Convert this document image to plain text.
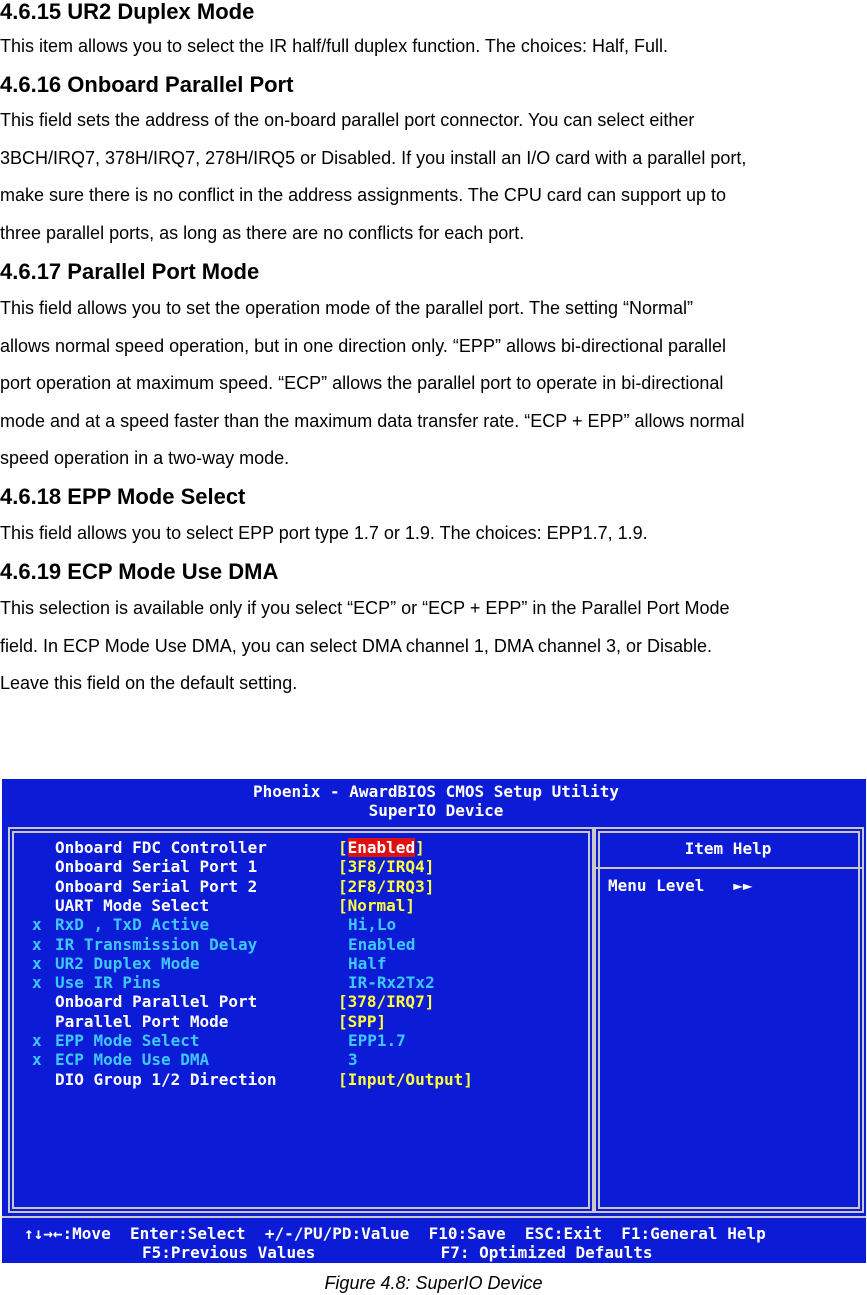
4.6.15 UR2 Duplex Mode
This item allows you to select the IR half/full duplex function. The choices: Half, Full.
4.6.16 Onboard Parallel Port
This field sets the address of the on-board parallel port connector. You can select either
3BCH/IRQ7, 378H/IRQ7, 278H/IRQ5 or Disabled. If you install an I/O card with a parallel port,
make sure there is no conflict in the address assignments. The CPU card can support up to
three parallel ports, as long as there are no conflicts for each port.
4.6.17 Parallel Port Mode
This field allows you to set the operation mode of the parallel port. The setting “Normal”
allows normal speed operation, but in one direction only. “EPP” allows bi-directional parallel
port operation at maximum speed. “ECP” allows the parallel port to operate in bi-directional
mode and at a speed faster than the maximum data transfer rate. “ECP + EPP” allows normal
speed operation in a two-way mode.
4.6.18 EPP Mode Select
This field allows you to select EPP port type 1.7 or 1.9. The choices: EPP1.7, 1.9.
4.6.19 ECP Mode Use DMA
This selection is available only if you select “ECP” or “ECP + EPP” in the Parallel Port Mode
field. In ECP Mode Use DMA, you can select DMA channel 1, DMA channel 3, or Disable.
Leave this field on the default setting.
Phoenix - AwardBIOS CMOS Setup Utility
SuperIO Device
Item Help
Menu Level   ►►
Onboard FDC Controller	[Enabled]
Onboard Serial Port 1	[3F8/IRQ4]
Onboard Serial Port 2	[2F8/IRQ3]
UART Mode Select	[Normal]
x RxD , TxD Active	Hi,Lo
x IR Transmission Delay	Enabled
x UR2 Duplex Mode	Half
x Use IR Pins	IR-Rx2Tx2
Onboard Parallel Port	[378/IRQ7]
Parallel Port Mode	[SPP]
x EPP Mode Select	EPP1.7
x ECP Mode Use DMA	3
DIO Group 1/2 Direction	[Input/Output]
↑↓→←:Move  Enter:Select  +/-/PU/PD:Value  F10:Save  ESC:Exit  F1:General Help
F5:Previous Values             F7: Optimized Defaults
Figure 4.8: SuperIO Device
